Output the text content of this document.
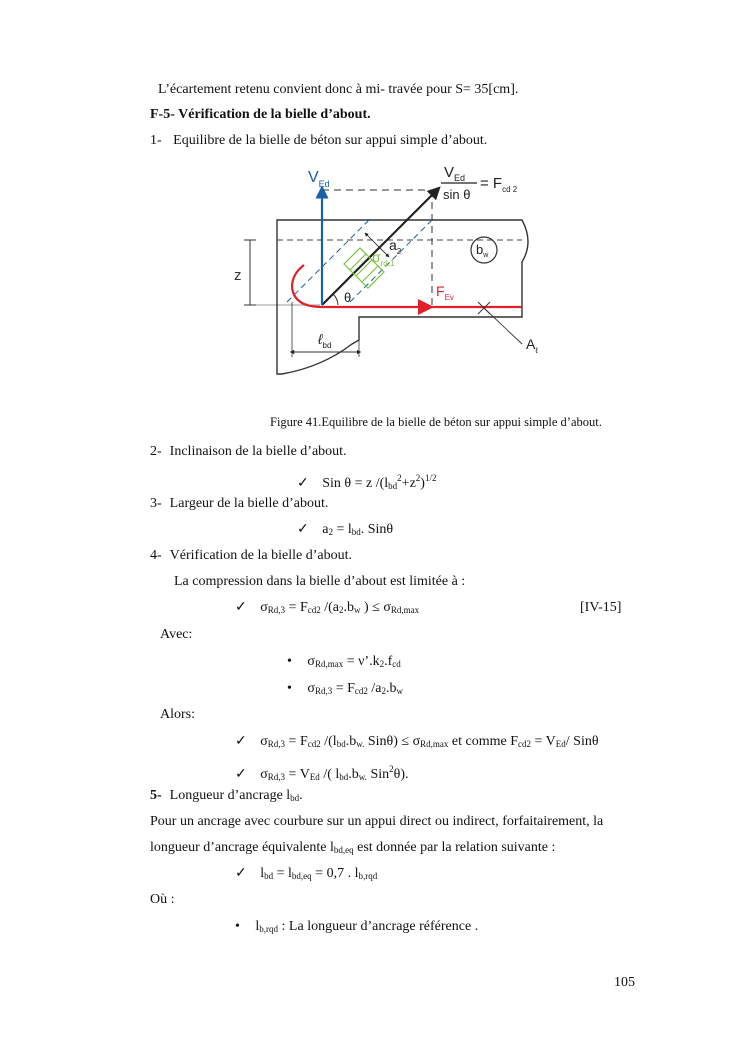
L’écartement retenu convient donc à mi- travée pour S= 35[cm].
F-5- Vérification de la bielle d’about.
1- Equilibre de la bielle de béton sur appui simple d’about.
z
$\sigma_{rd,1}$
$a_2$
$V_{Ed}$
$V_{Ed}$
sin θ
= $F_{cd 2}$
$b_w$
$F_{Ev}$
θ
ℓ$_{bd}$	$A_\ell$
Figure 41.Equilibre de la bielle de béton sur appui simple d’about.
2- Inclinaison de la bielle d’about.
✓ Sin θ = z $/(l_{bd}^2+z^2)^{1/2}$
3- Largeur de la bielle d’about.
✓ $a_2 = l_{bd}$. Sinθ
4- Vérification de la bielle d’about.
La compression dans la bielle d’about est limitée à :
✓ $\sigma_{Rd,3} = F_{cd2}$ $/(a_2.b_w$ ) ≤ $\sigma_{Rd,max}$	[IV-15]
Avec:
• $\sigma_{Rd,max}$ = $\nu’.k_2.f_{cd}$
• $\sigma_{Rd,3} = F_{cd2}$ $/a_2.b_w$
Alors:
✓ $\sigma_{Rd,3} = F_{cd2}$ $/(l_{bd}.b_{w.}$ $Sin\theta) \le \sigma_{Rd,max}$ et comme $F_{cd2} = V_{Ed}/$ Sinθ
✓ $\sigma_{Rd,3} = V_{Ed}$ /( $l_{bd}.b_{w.}$ Sin$^2$θ).
5- Longueur d’ancrage $l_{bd}$.
Pour un ancrage avec courbure sur un appui direct ou indirect, forfaitairement, la
longueur d’ancrage équivalente $l_{bd,eq}$ est donnée par la relation suivante :
✓ $l_{bd} = l_{bd,eq} = 0,7$ . $l_{b,rqd}$
Où :
• $l_{b,rqd}$ : La longueur d’ancrage référence .
105
